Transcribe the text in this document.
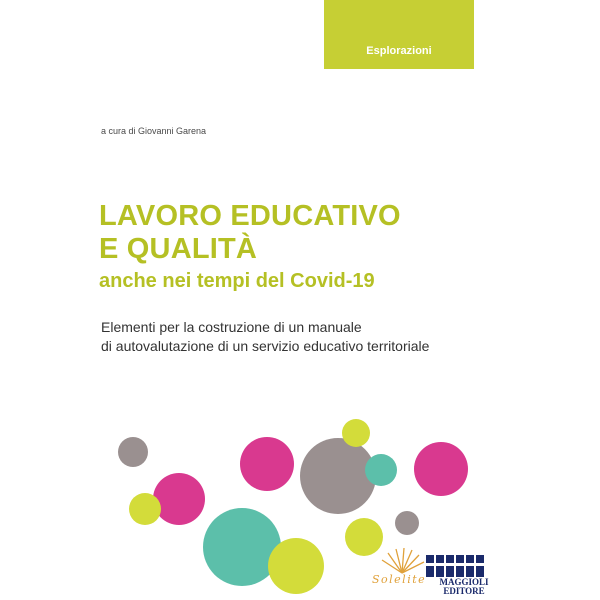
Esplorazioni
a cura di Giovanni Garena
LAVORO EDUCATIVO
E QUALITÀ
anche nei tempi del Covid-19
Elementi per la costruzione di un manuale
di autovalutazione di un servizio educativo territoriale
Solelite	MAGGIOLI
EDITORE
